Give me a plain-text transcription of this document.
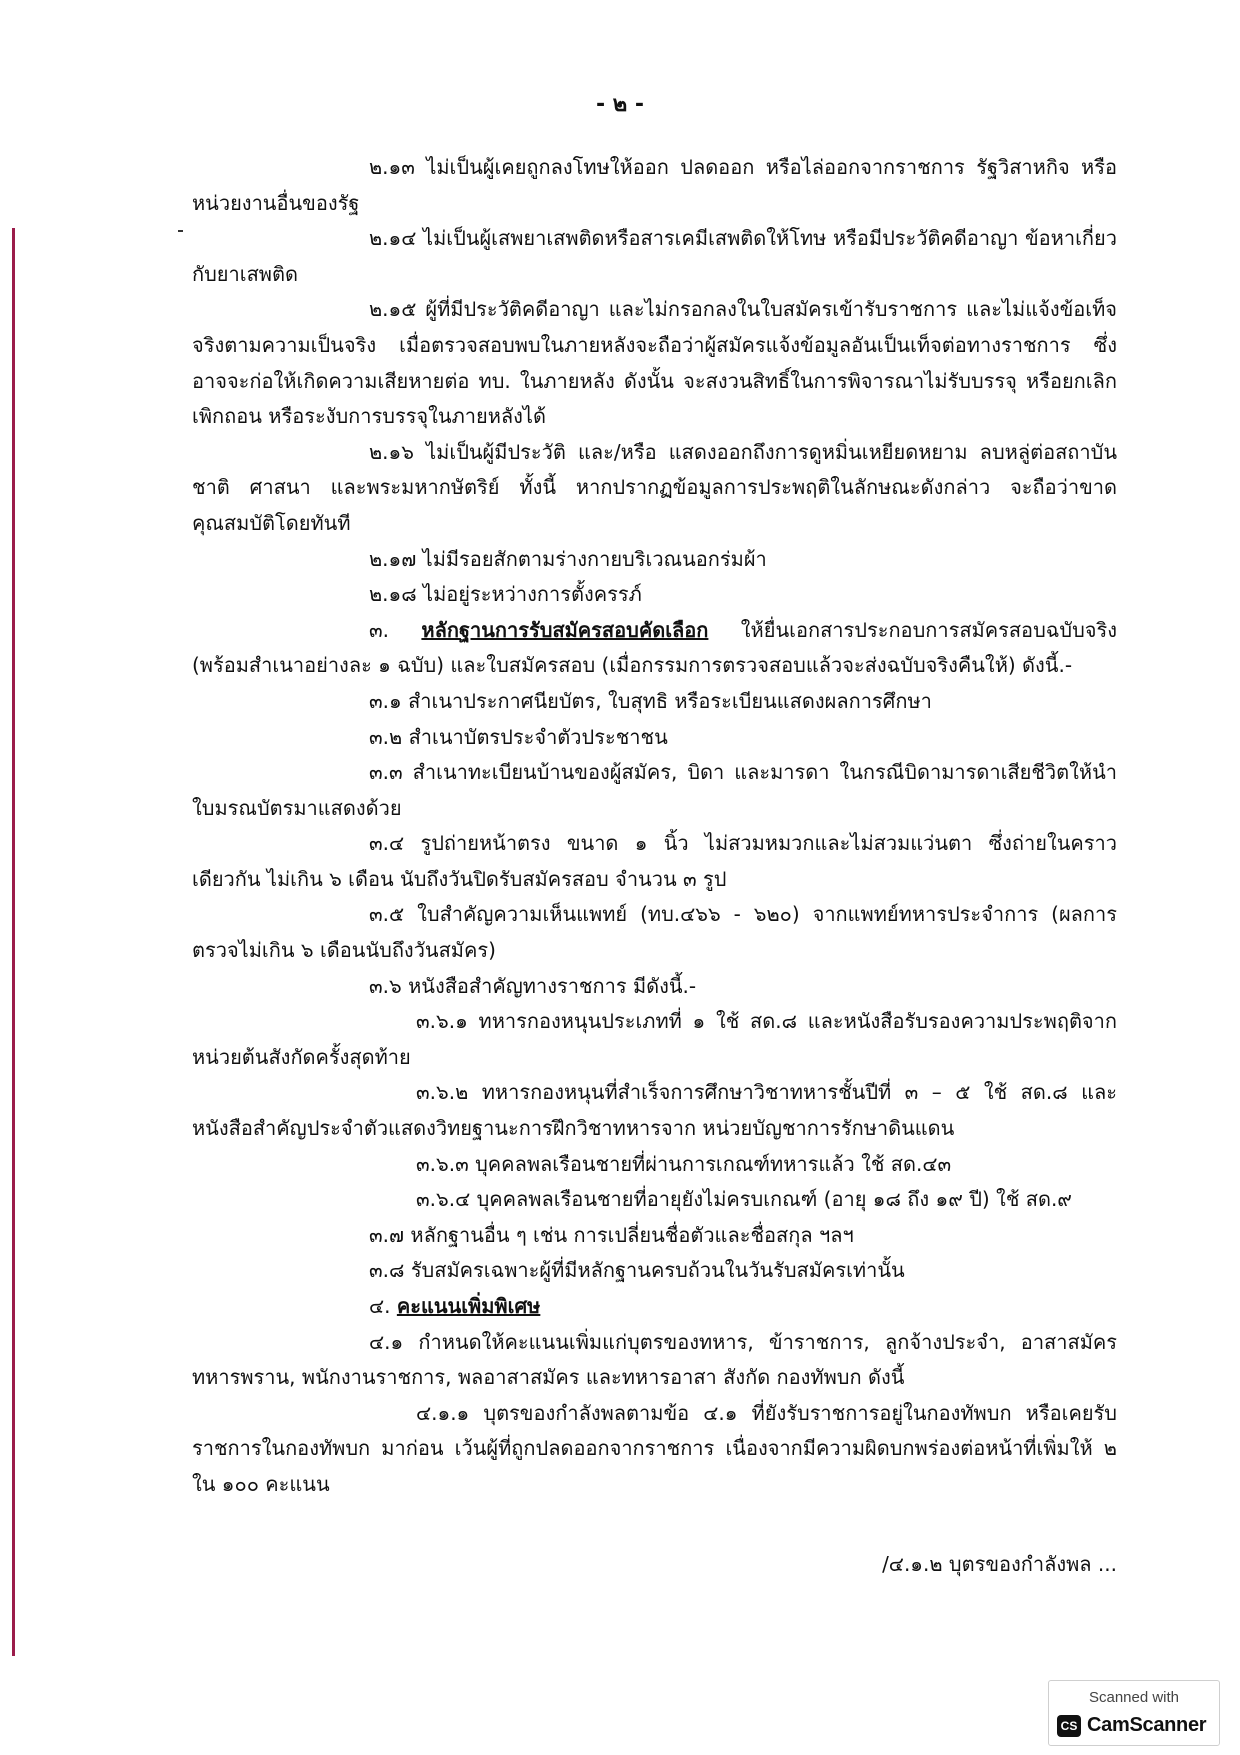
- ๒ -

๒.๑๓ ไม่เป็นผู้เคยถูกลงโทษให้ออก ปลดออก หรือไล่ออกจากราชการ รัฐวิสาหกิจ หรือหน่วยงานอื่นของรัฐ

๒.๑๔ ไม่เป็นผู้เสพยาเสพติดหรือสารเคมีเสพติดให้โทษ หรือมีประวัติคดีอาญา ข้อหาเกี่ยวกับยาเสพติด

๒.๑๕ ผู้ที่มีประวัติคดีอาญา และไม่กรอกลงในใบสมัครเข้ารับราชการ และไม่แจ้งข้อเท็จจริงตามความเป็นจริง เมื่อตรวจสอบพบในภายหลังจะถือว่าผู้สมัครแจ้งข้อมูลอันเป็นเท็จต่อทางราชการ ซึ่งอาจจะก่อให้เกิดความเสียหายต่อ ทบ. ในภายหลัง ดังนั้น จะสงวนสิทธิ์ในการพิจารณาไม่รับบรรจุ หรือยกเลิกเพิกถอน หรือระงับการบรรจุในภายหลังได้

๒.๑๖ ไม่เป็นผู้มีประวัติ และ/หรือ แสดงออกถึงการดูหมิ่นเหยียดหยาม ลบหลู่ต่อสถาบันชาติ ศาสนา และพระมหากษัตริย์ ทั้งนี้ หากปรากฏข้อมูลการประพฤติในลักษณะดังกล่าว จะถือว่าขาดคุณสมบัติโดยทันที

๒.๑๗ ไม่มีรอยสักตามร่างกายบริเวณนอกร่มผ้า

๒.๑๘ ไม่อยู่ระหว่างการตั้งครรภ์

๓. หลักฐานการรับสมัครสอบคัดเลือก ให้ยื่นเอกสารประกอบการสมัครสอบฉบับจริง (พร้อมสำเนาอย่างละ ๑ ฉบับ) และใบสมัครสอบ (เมื่อกรรมการตรวจสอบแล้วจะส่งฉบับจริงคืนให้) ดังนี้.-

๓.๑ สำเนาประกาศนียบัตร, ใบสุทธิ หรือระเบียนแสดงผลการศึกษา

๓.๒ สำเนาบัตรประจำตัวประชาชน

๓.๓ สำเนาทะเบียนบ้านของผู้สมัคร, บิดา และมารดา ในกรณีบิดามารดาเสียชีวิตให้นำใบมรณบัตรมาแสดงด้วย

๓.๔ รูปถ่ายหน้าตรง ขนาด ๑ นิ้ว ไม่สวมหมวกและไม่สวมแว่นตา ซึ่งถ่ายในคราวเดียวกัน ไม่เกิน ๖ เดือน นับถึงวันปิดรับสมัครสอบ จำนวน ๓ รูป

๓.๕ ใบสำคัญความเห็นแพทย์ (ทบ.๔๖๖ - ๖๒๐) จากแพทย์ทหารประจำการ (ผลการตรวจไม่เกิน ๖ เดือนนับถึงวันสมัคร)

๓.๖ หนังสือสำคัญทางราชการ มีดังนี้.-

๓.๖.๑ ทหารกองหนุนประเภทที่ ๑ ใช้ สด.๘ และหนังสือรับรองความประพฤติจากหน่วยต้นสังกัดครั้งสุดท้าย

๓.๖.๒ ทหารกองหนุนที่สำเร็จการศึกษาวิชาทหารชั้นปีที่ ๓ – ๕ ใช้ สด.๘ และหนังสือสำคัญประจำตัวแสดงวิทยฐานะการฝึกวิชาทหารจาก หน่วยบัญชาการรักษาดินแดน

๓.๖.๓ บุคคลพลเรือนชายที่ผ่านการเกณฑ์ทหารแล้ว ใช้ สด.๔๓

๓.๖.๔ บุคคลพลเรือนชายที่อายุยังไม่ครบเกณฑ์ (อายุ ๑๘ ถึง ๑๙ ปี) ใช้ สด.๙

๓.๗ หลักฐานอื่น ๆ เช่น การเปลี่ยนชื่อตัวและชื่อสกุล ฯลฯ

๓.๘ รับสมัครเฉพาะผู้ที่มีหลักฐานครบถ้วนในวันรับสมัครเท่านั้น

๔. คะแนนเพิ่มพิเศษ

๔.๑ กำหนดให้คะแนนเพิ่มแก่บุตรของทหาร, ข้าราชการ, ลูกจ้างประจำ, อาสาสมัครทหารพราน, พนักงานราชการ, พลอาสาสมัคร และทหารอาสา สังกัด กองทัพบก ดังนี้

๔.๑.๑ บุตรของกำลังพลตามข้อ ๔.๑ ที่ยังรับราชการอยู่ในกองทัพบก หรือเคยรับราชการในกองทัพบก มาก่อน เว้นผู้ที่ถูกปลดออกจากราชการ เนื่องจากมีความผิดบกพร่องต่อหน้าที่เพิ่มให้ ๒ ใน ๑๐๐ คะแนน

/๔.๑.๒ บุตรของกำลังพล ...

Scanned with
CS CamScanner
